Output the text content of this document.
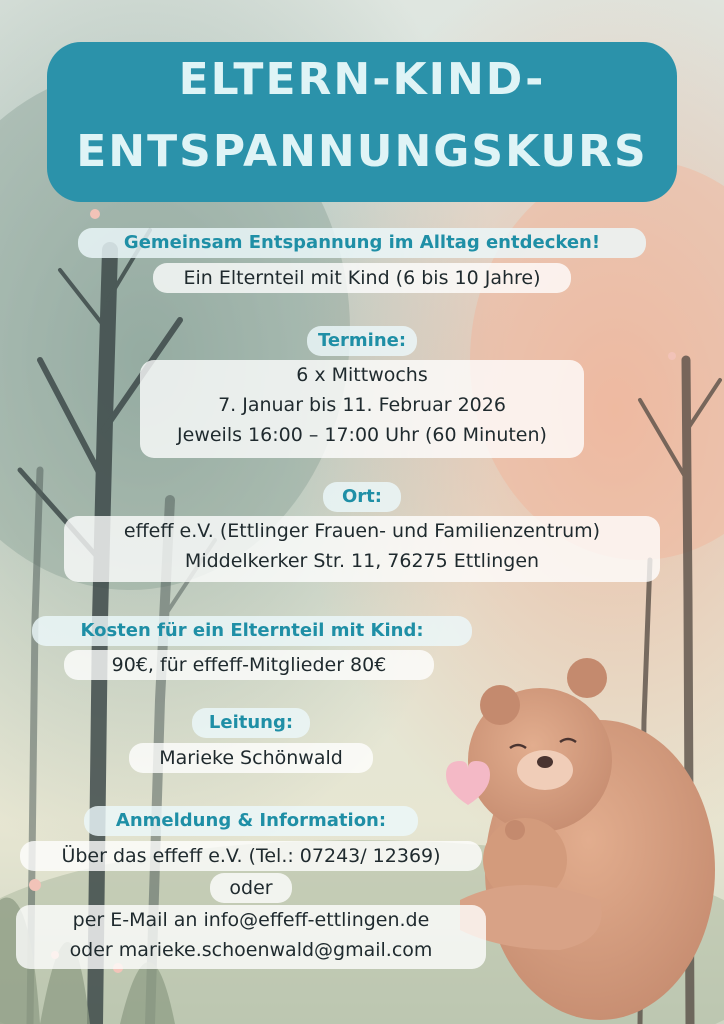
ELTERN-KIND-
ENTSPANNUNGSKURS
Gemeinsam Entspannung im Alltag entdecken!
Ein Elternteil mit Kind (6 bis 10 Jahre)
Termine:
6 x Mittwochs
7. Januar bis 11. Februar 2026
Jeweils 16:00 – 17:00 Uhr (60 Minuten)
Ort:
effeff e.V. (Ettlinger Frauen- und Familienzentrum)
Middelkerker Str. 11, 76275 Ettlingen
Kosten für ein Elternteil mit Kind:
90€, für effeff-Mitglieder 80€
Leitung:
Marieke Schönwald
Anmeldung & Information:
Über das effeff e.V. (Tel.: 07243/ 12369)
oder
per E-Mail an info@effeff-ettlingen.de
oder marieke.schoenwald@gmail.com
